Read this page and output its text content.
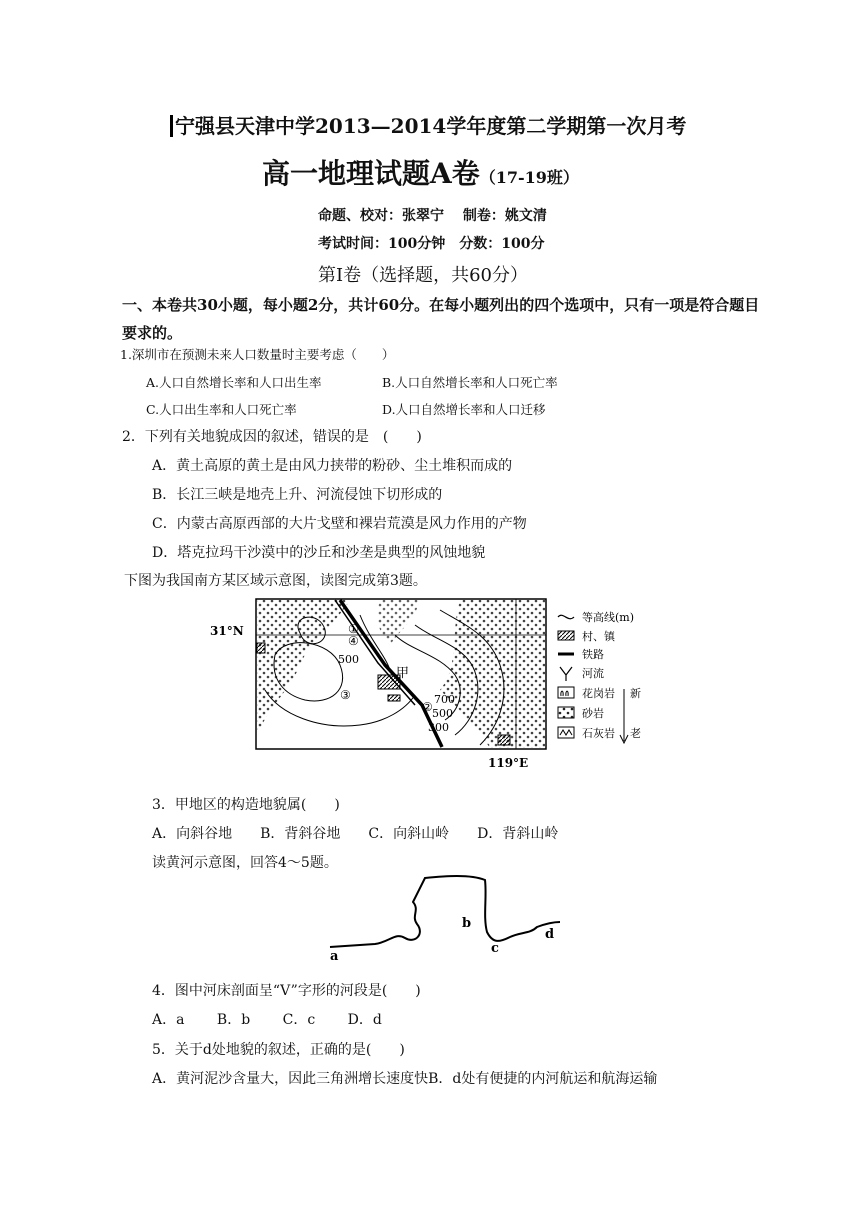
宁强县天津中学2013—2014学年度第二学期第一次月考
高一地理试题A卷（17-19班）
命题、校对：张翠宁　 制卷：姚文清
考试时间：100分钟　分数：100分
第Ⅰ卷（选择题，共60分）
一、本卷共30小题，每小题2分，共计60分。在每小题列出的四个选项中，只有一项是符合题目要求的。
1.深圳市在预测未来人口数量时主要考虑（　　）
A.人口自然增长率和人口出生率	B.人口自然增长率和人口死亡率
C.人口出生率和人口死亡率	D.人口自然增长率和人口迁移
2．下列有关地貌成因的叙述，错误的是　(　　)
A．黄土高原的黄土是由风力挟带的粉砂、尘土堆积而成的
B．长江三峡是地壳上升、河流侵蚀下切形成的
C．内蒙古高原西部的大片戈壁和裸岩荒漠是风力作用的产物
D．塔克拉玛干沙漠中的沙丘和沙垄是典型的风蚀地貌
下图为我国南方某区域示意图，读图完成第3题。
31°N
119°E
500
700
500
300
甲
②
③
④
①
等高线(m)
村、镇
铁路
河流
花岗岩
砂岩
石灰岩
新
老
3．甲地区的构造地貌属(　　)
A．向斜谷地　　B．背斜谷地　　C．向斜山岭　　D．背斜山岭
读黄河示意图，回答4～5题。
a
b
c
d
4．图中河床剖面呈“V”字形的河段是(　　)
A．a　　 B．b　　 C．c　　 D．d
5．关于d处地貌的叙述，正确的是(　　)
A．黄河泥沙含量大，因此三角洲增长速度快B．d处有便捷的内河航运和航海运输
